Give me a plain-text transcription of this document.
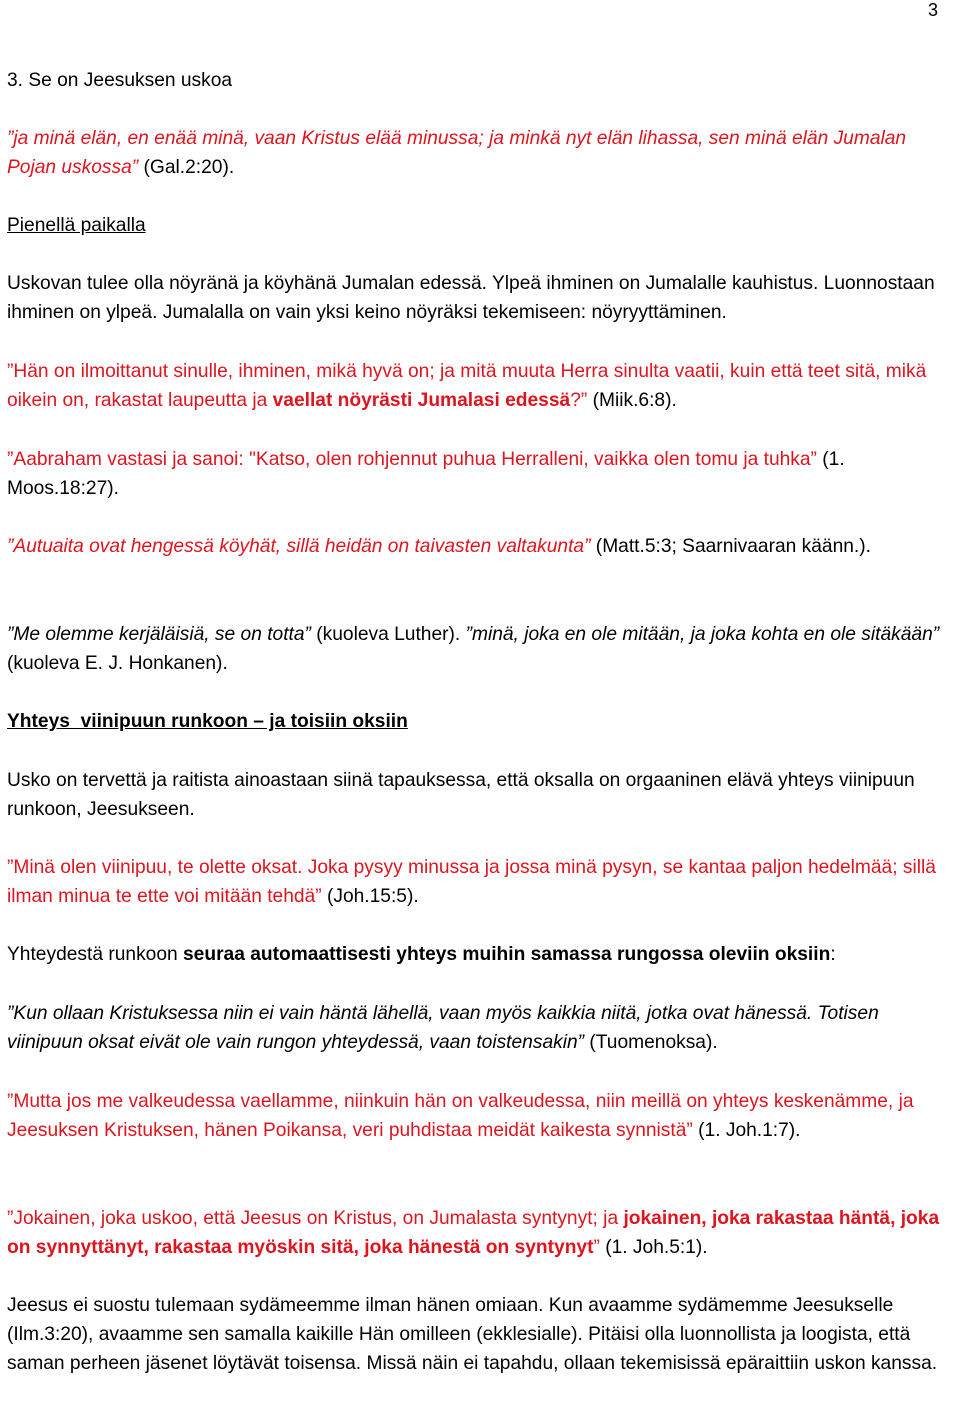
3

3. Se on Jeesuksen uskoa

”ja minä elän, en enää minä, vaan Kristus elää minussa; ja minkä nyt elän lihassa, sen minä elän Jumalan Pojan uskossa” (Gal.2:20).

Pienellä paikalla

Uskovan tulee olla nöyränä ja köyhänä Jumalan edessä. Ylpeä ihminen on Jumalalle kauhistus. Luonnostaan ihminen on ylpeä. Jumalalla on vain yksi keino nöyräksi tekemiseen: nöyryyttäminen.

”Hän on ilmoittanut sinulle, ihminen, mikä hyvä on; ja mitä muuta Herra sinulta vaatii, kuin että teet sitä, mikä oikein on, rakastat laupeutta ja vaellat nöyrästi Jumalasi edessä?” (Miik.6:8).

”Aabraham vastasi ja sanoi: "Katso, olen rohjennut puhua Herralleni, vaikka olen tomu ja tuhka” (1. Moos.18:27).

”Autuaita ovat hengessä köyhät, sillä heidän on taivasten valtakunta” (Matt.5:3; Saarnivaaran käänn.).

”Me olemme kerjäläisiä, se on totta” (kuoleva Luther). ”minä, joka en ole mitään, ja joka kohta en ole sitäkään” (kuoleva E. J. Honkanen).

Yhteys  viinipuun runkoon – ja toisiin oksiin

Usko on tervettä ja raitista ainoastaan siinä tapauksessa, että oksalla on orgaaninen elävä yhteys viinipuun runkoon, Jeesukseen.

”Minä olen viinipuu, te olette oksat. Joka pysyy minussa ja jossa minä pysyn, se kantaa paljon hedelmää; sillä ilman minua te ette voi mitään tehdä” (Joh.15:5).

Yhteydestä runkoon seuraa automaattisesti yhteys muihin samassa rungossa oleviin oksiin:

”Kun ollaan Kristuksessa niin ei vain häntä lähellä, vaan myös kaikkia niitä, jotka ovat hänessä. Totisen viinipuun oksat eivät ole vain rungon yhteydessä, vaan toistensakin” (Tuomenoksa).

”Mutta jos me valkeudessa vaellamme, niinkuin hän on valkeudessa, niin meillä on yhteys keskenämme, ja Jeesuksen Kristuksen, hänen Poikansa, veri puhdistaa meidät kaikesta synnistä” (1. Joh.1:7).

”Jokainen, joka uskoo, että Jeesus on Kristus, on Jumalasta syntynyt; ja jokainen, joka rakastaa häntä, joka on synnyttänyt, rakastaa myöskin sitä, joka hänestä on syntynyt” (1. Joh.5:1).

Jeesus ei suostu tulemaan sydämeemme ilman hänen omiaan. Kun avaamme sydämemme Jeesukselle (Ilm.3:20), avaamme sen samalla kaikille Hän omilleen (ekklesialle). Pitäisi olla luonnollista ja loogista, että saman perheen jäsenet löytävät toisensa. Missä näin ei tapahdu, ollaan tekemisissä epäraittiin uskon kanssa.
